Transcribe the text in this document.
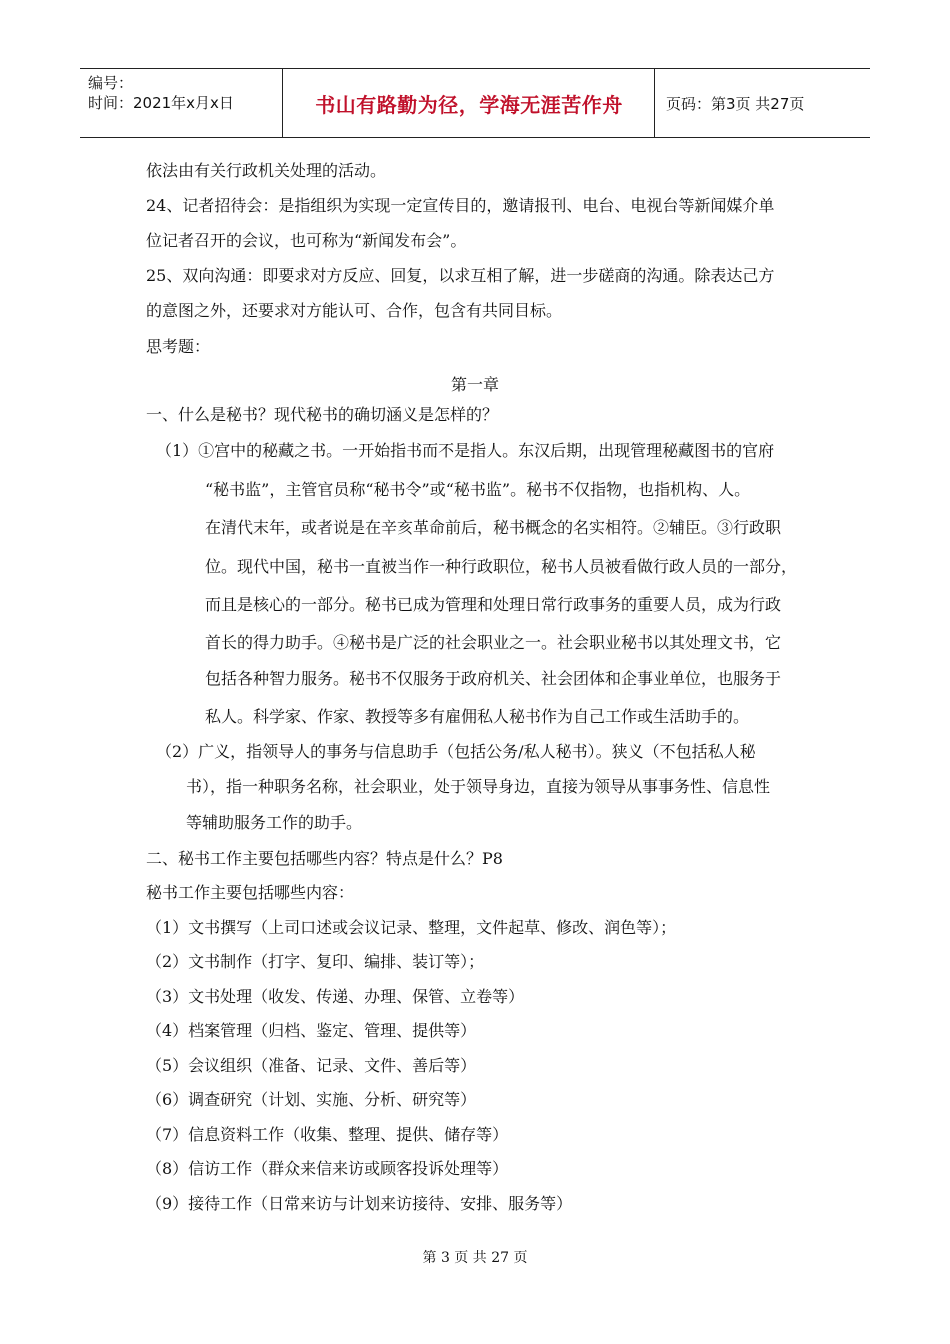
编号：
时间：2021年x月x日	书山有路勤为径，学海无涯苦作舟	页码：第3页 共27页
依法由有关行政机关处理的活动。
24、记者招待会：是指组织为实现一定宣传目的，邀请报刊、电台、电视台等新闻媒介单
位记者召开的会议，也可称为“新闻发布会”。
25、双向沟通：即要求对方反应、回复，以求互相了解，进一步磋商的沟通。除表达己方
的意图之外，还要求对方能认可、合作，包含有共同目标。
思考题：
第一章
一、什么是秘书？现代秘书的确切涵义是怎样的？
（1）①宫中的秘藏之书。一开始指书而不是指人。东汉后期，出现管理秘藏图书的官府
“秘书监”，主管官员称“秘书令”或“秘书监”。秘书不仅指物，也指机构、人。
在清代末年，或者说是在辛亥革命前后，秘书概念的名实相符。②辅臣。③行政职
位。现代中国，秘书一直被当作一种行政职位，秘书人员被看做行政人员的一部分，
而且是核心的一部分。秘书已成为管理和处理日常行政事务的重要人员，成为行政
首长的得力助手。④秘书是广泛的社会职业之一。社会职业秘书以其处理文书，它
包括各种智力服务。秘书不仅服务于政府机关、社会团体和企事业单位，也服务于
私人。科学家、作家、教授等多有雇佣私人秘书作为自己工作或生活助手的。
（2）广义，指领导人的事务与信息助手（包括公务/私人秘书）。狭义（不包括私人秘
书），指一种职务名称，社会职业，处于领导身边，直接为领导从事事务性、信息性
等辅助服务工作的助手。
二、秘书工作主要包括哪些内容？特点是什么？P8
秘书工作主要包括哪些内容：
（1）文书撰写（上司口述或会议记录、整理，文件起草、修改、润色等）；
（2）文书制作（打字、复印、编排、装订等）；
（3）文书处理（收发、传递、办理、保管、立卷等）
（4）档案管理（归档、鉴定、管理、提供等）
（5）会议组织（准备、记录、文件、善后等）
（6）调查研究（计划、实施、分析、研究等）
（7）信息资料工作（收集、整理、提供、储存等）
（8）信访工作（群众来信来访或顾客投诉处理等）
（9）接待工作（日常来访与计划来访接待、安排、服务等）
第 3 页 共 27 页
